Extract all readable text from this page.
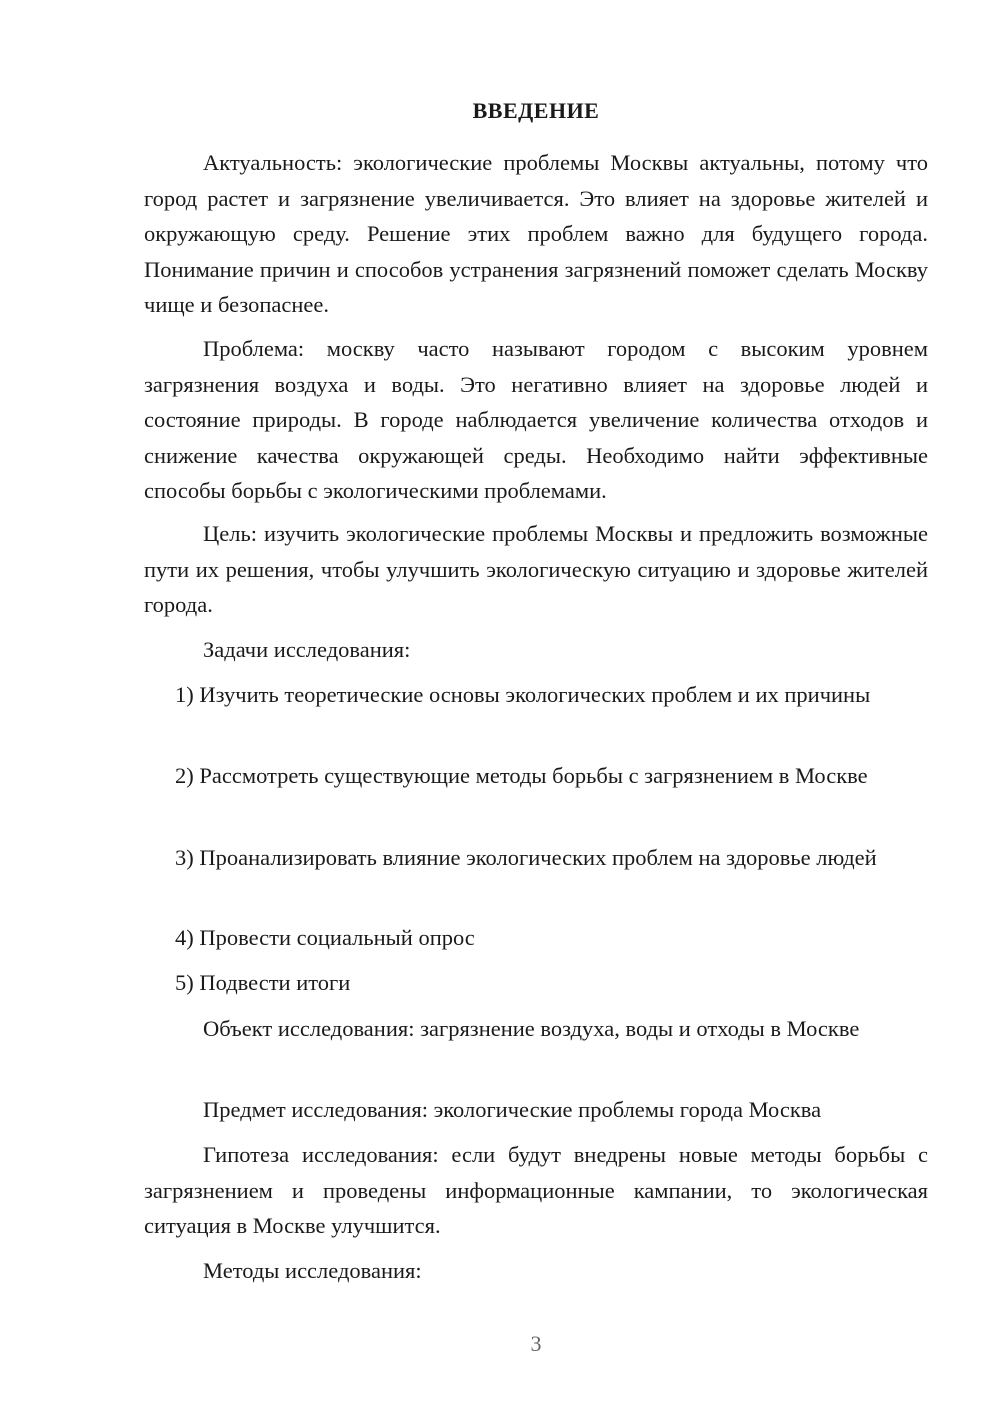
ВВЕДЕНИЕ

Актуальность: экологические проблемы Москвы актуальны, потому что город растет и загрязнение увеличивается. Это влияет на здоровье жителей и окружающую среду. Решение этих проблем важно для будущего города. Понимание причин и способов устранения загрязнений поможет сделать Москву чище и безопаснее.

Проблема: москву часто называют городом с высоким уровнем загрязнения воздуха и воды. Это негативно влияет на здоровье людей и состояние природы. В городе наблюдается увеличение количества отходов и снижение качества окружающей среды. Необходимо найти эффективные способы борьбы с экологическими проблемами.

Цель: изучить экологические проблемы Москвы и предложить возможные пути их решения, чтобы улучшить экологическую ситуацию и здоровье жителей города.

Задачи исследования:

1) Изучить теоретические основы экологических проблем и их причины

2) Рассмотреть существующие методы борьбы с загрязнением в Москве

3) Проанализировать влияние экологических проблем на здоровье людей

4) Провести социальный опрос

5) Подвести итоги

Объект исследования: загрязнение воздуха, воды и отходы в Москве

Предмет исследования: экологические проблемы города Москва

Гипотеза исследования: если будут внедрены новые методы борьбы с загрязнением и проведены информационные кампании, то экологическая ситуация в Москве улучшится.

Методы исследования:

3
